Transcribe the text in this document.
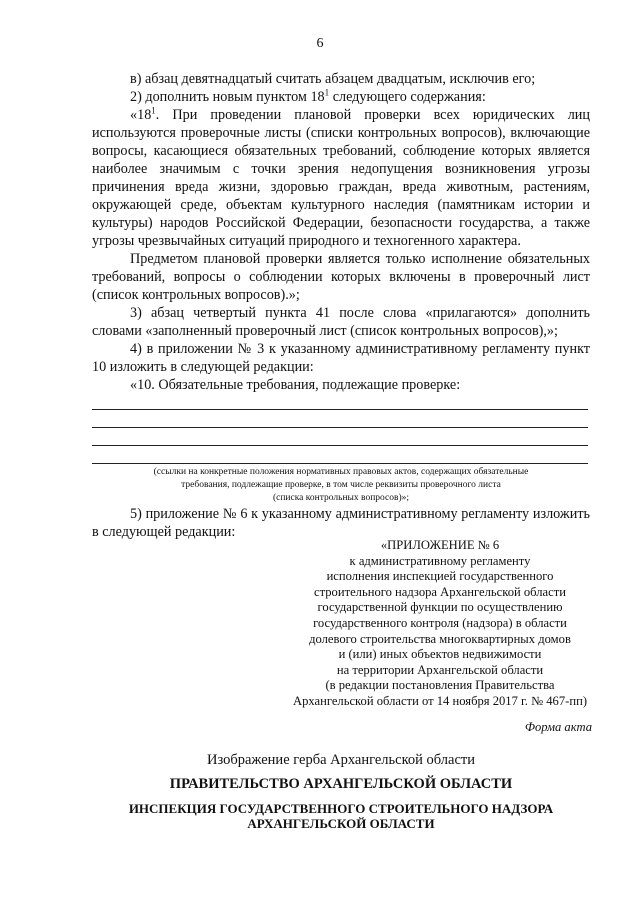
6

в) абзац девятнадцатый считать абзацем двадцатым, исключив его;

2) дополнить новым пунктом $18^1$ следующего содержания:

«$18^1$. При проведении плановой проверки всех юридических лиц используются проверочные листы (списки контрольных вопросов), включающие вопросы, касающиеся обязательных требований, соблюдение которых является наиболее значимым с точки зрения недопущения возникновения угрозы причинения вреда жизни, здоровью граждан, вреда животным, растениям, окружающей среде, объектам культурного наследия (памятникам истории и культуры) народов Российской Федерации, безопасности государства, а также угрозы чрезвычайных ситуаций природного и техногенного характера.

Предметом плановой проверки является только исполнение обязательных требований, вопросы о соблюдении которых включены в проверочный лист (список контрольных вопросов).»;

3) абзац четвертый пункта 41 после слова «прилагаются» дополнить словами «заполненный проверочный лист (список контрольных вопросов),»;

4) в приложении № 3 к указанному административному регламенту пункт 10 изложить в следующей редакции:

«10. Обязательные требования, подлежащие проверке:

(ссылки на конкретные положения нормативных правовых актов, содержащих обязательные
требования, подлежащие проверке, в том числе реквизиты проверочного листа
(списка контрольных вопросов)»;

5) приложение № 6 к указанному административному регламенту изложить в следующей редакции:

«ПРИЛОЖЕНИЕ № 6
к административному регламенту
исполнения инспекцией государственного
строительного надзора Архангельской области
государственной функции по осуществлению
государственного контроля (надзора) в области
долевого строительства многоквартирных домов
и (или) иных объектов недвижимости
на территории Архангельской области
(в редакции постановления Правительства
Архангельской области от 14 ноября 2017 г. № 467-пп)
Форма акта
Изображение герба Архангельской области
ПРАВИТЕЛЬСТВО АРХАНГЕЛЬСКОЙ ОБЛАСТИ
ИНСПЕКЦИЯ ГОСУДАРСТВЕННОГО СТРОИТЕЛЬНОГО НАДЗОРА
АРХАНГЕЛЬСКОЙ ОБЛАСТИ
